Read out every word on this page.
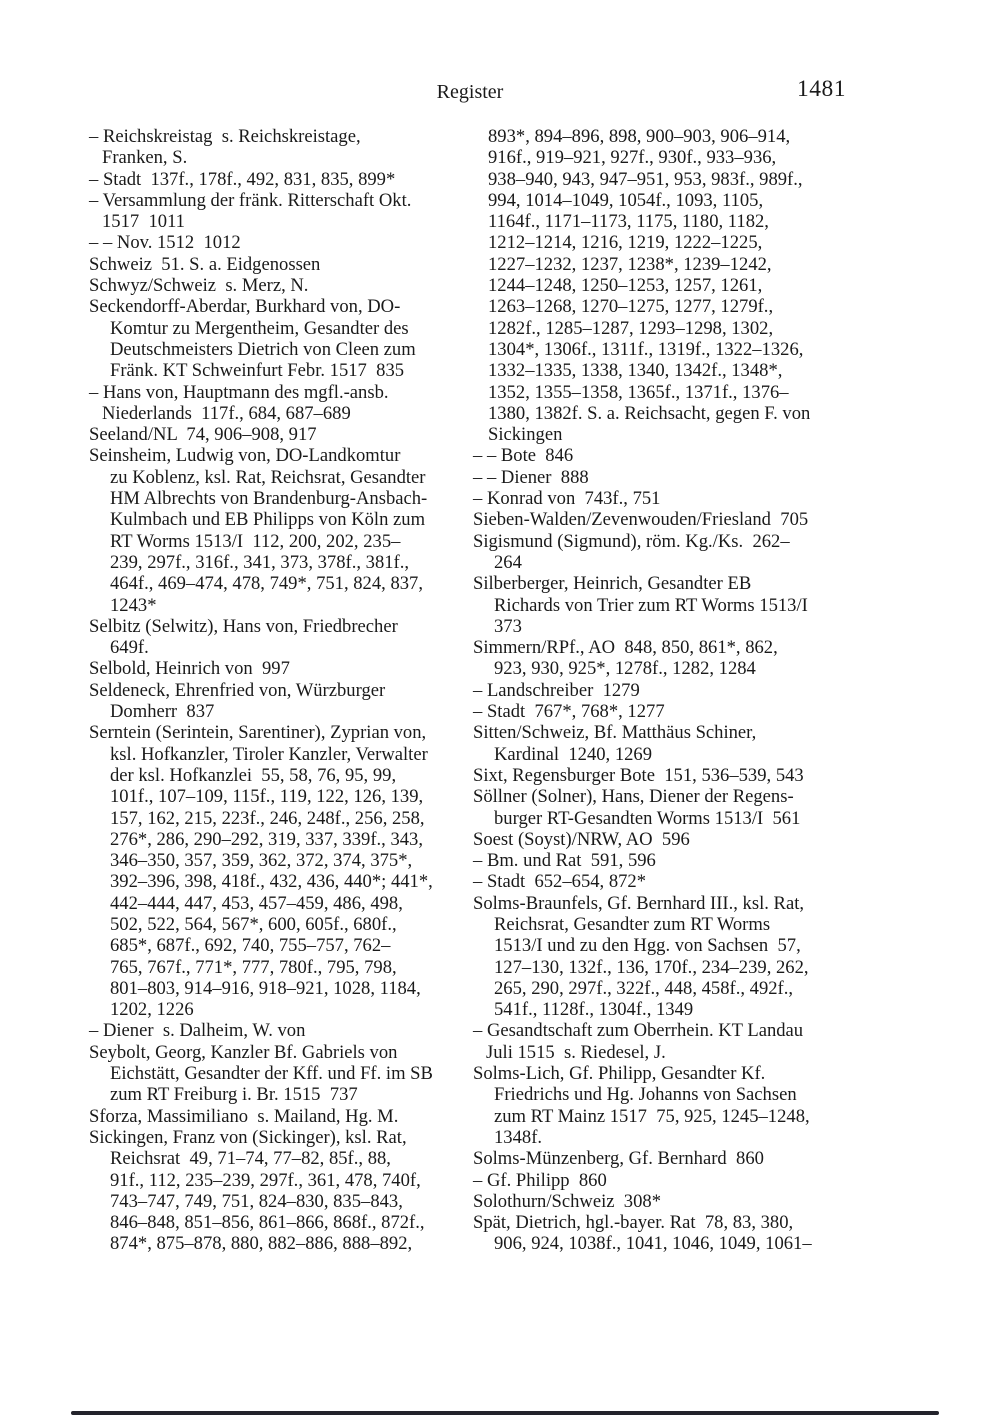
Register	1481
– Reichskreistag  s. Reichskreistage,
Franken, S.
– Stadt  137f., 178f., 492, 831, 835, 899*
– Versammlung der fränk. Ritterschaft Okt.
1517  1011
– – Nov. 1512  1012
Schweiz  51. S. a. Eidgenossen
Schwyz/Schweiz  s. Merz, N.
Seckendorff-Aberdar, Burkhard von, DO-
Komtur zu Mergentheim, Gesandter des
Deutschmeisters Dietrich von Cleen zum
Fränk. KT Schweinfurt Febr. 1517  835
– Hans von, Hauptmann des mgfl.-ansb.
Niederlands  117f., 684, 687–689
Seeland/NL  74, 906–908, 917
Seinsheim, Ludwig von, DO-Landkomtur
zu Koblenz, ksl. Rat, Reichsrat, Gesandter
HM Albrechts von Brandenburg-Ansbach-
Kulmbach und EB Philipps von Köln zum
RT Worms 1513/I  112, 200, 202, 235–
239, 297f., 316f., 341, 373, 378f., 381f.,
464f., 469–474, 478, 749*, 751, 824, 837,
1243*
Selbitz (Selwitz), Hans von, Friedbrecher
649f.
Selbold, Heinrich von  997
Seldeneck, Ehrenfried von, Würzburger
Domherr  837
Serntein (Serintein, Sarentiner), Zyprian von,
ksl. Hofkanzler, Tiroler Kanzler, Verwalter
der ksl. Hofkanzlei  55, 58, 76, 95, 99,
101f., 107–109, 115f., 119, 122, 126, 139,
157, 162, 215, 223f., 246, 248f., 256, 258,
276*, 286, 290–292, 319, 337, 339f., 343,
346–350, 357, 359, 362, 372, 374, 375*,
392–396, 398, 418f., 432, 436, 440*; 441*,
442–444, 447, 453, 457–459, 486, 498,
502, 522, 564, 567*, 600, 605f., 680f.,
685*, 687f., 692, 740, 755–757, 762–
765, 767f., 771*, 777, 780f., 795, 798,
801–803, 914–916, 918–921, 1028, 1184,
1202, 1226
– Diener  s. Dalheim, W. von
Seybolt, Georg, Kanzler Bf. Gabriels von
Eichstätt, Gesandter der Kff. und Ff. im SB
zum RT Freiburg i. Br. 1515  737
Sforza, Massimiliano  s. Mailand, Hg. M.
Sickingen, Franz von (Sickinger), ksl. Rat,
Reichsrat  49, 71–74, 77–82, 85f., 88,
91f., 112, 235–239, 297f., 361, 478, 740f,
743–747, 749, 751, 824–830, 835–843,
846–848, 851–856, 861–866, 868f., 872f.,
874*, 875–878, 880, 882–886, 888–892,
893*, 894–896, 898, 900–903, 906–914,
916f., 919–921, 927f., 930f., 933–936,
938–940, 943, 947–951, 953, 983f., 989f.,
994, 1014–1049, 1054f., 1093, 1105,
1164f., 1171–1173, 1175, 1180, 1182,
1212–1214, 1216, 1219, 1222–1225,
1227–1232, 1237, 1238*, 1239–1242,
1244–1248, 1250–1253, 1257, 1261,
1263–1268, 1270–1275, 1277, 1279f.,
1282f., 1285–1287, 1293–1298, 1302,
1304*, 1306f., 1311f., 1319f., 1322–1326,
1332–1335, 1338, 1340, 1342f., 1348*,
1352, 1355–1358, 1365f., 1371f., 1376–
1380, 1382f. S. a. Reichsacht, gegen F. von
Sickingen
– – Bote  846
– – Diener  888
– Konrad von  743f., 751
Sieben-Walden/Zevenwouden/Friesland  705
Sigismund (Sigmund), röm. Kg./Ks.  262–
264
Silberberger, Heinrich, Gesandter EB
Richards von Trier zum RT Worms 1513/I
373
Simmern/RPf., AO  848, 850, 861*, 862,
923, 930, 925*, 1278f., 1282, 1284
– Landschreiber  1279
– Stadt  767*, 768*, 1277
Sitten/Schweiz, Bf. Matthäus Schiner,
Kardinal  1240, 1269
Sixt, Regensburger Bote  151, 536–539, 543
Söllner (Solner), Hans, Diener der Regens-
burger RT-Gesandten Worms 1513/I  561
Soest (Soyst)/NRW, AO  596
– Bm. und Rat  591, 596
– Stadt  652–654, 872*
Solms-Braunfels, Gf. Bernhard III., ksl. Rat,
Reichsrat, Gesandter zum RT Worms
1513/I und zu den Hgg. von Sachsen  57,
127–130, 132f., 136, 170f., 234–239, 262,
265, 290, 297f., 322f., 448, 458f., 492f.,
541f., 1128f., 1304f., 1349
– Gesandtschaft zum Oberrhein. KT Landau
Juli 1515  s. Riedesel, J.
Solms-Lich, Gf. Philipp, Gesandter Kf.
Friedrichs und Hg. Johanns von Sachsen
zum RT Mainz 1517  75, 925, 1245–1248,
1348f.
Solms-Münzenberg, Gf. Bernhard  860
– Gf. Philipp  860
Solothurn/Schweiz  308*
Spät, Dietrich, hgl.-bayer. Rat  78, 83, 380,
906, 924, 1038f., 1041, 1046, 1049, 1061–
